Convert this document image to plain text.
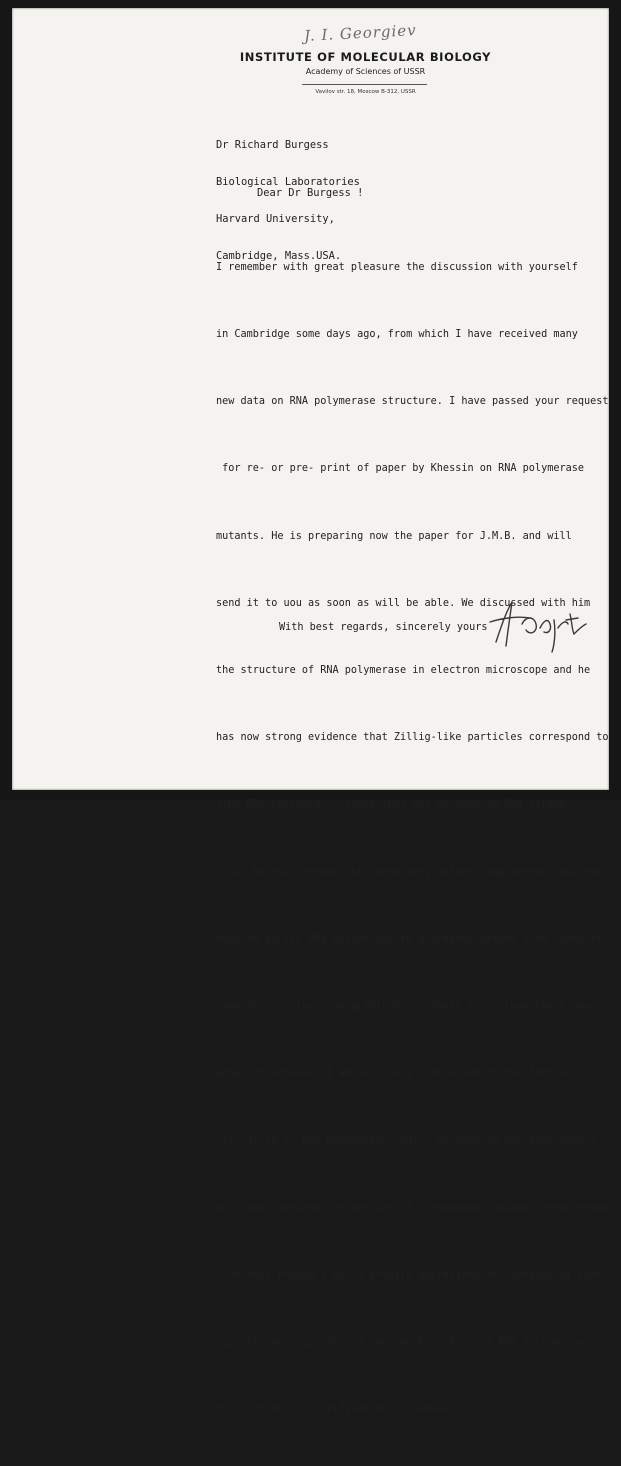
J. I. Georgiev
INSTITUTE OF MOLECULAR BIOLOGY
Academy of Sciences of USSR
Vavilov str. 18, Moscow B-312, USSR

Dr Richard Burgess

Biological Laboratories

Harvard University,

Cambridge, Mass.USA.

Dear Dr Burgess !

I remember with great pleasure the discussion with yourself

in Cambridge some days ago, from which I have received many

new data on RNA polymerase structure. I have passed your request

for re- or pre- print of paper by Khessin on RNA polymerase

mutants. He is preparing now the paper for J.M.B. and will

send it to uou as soon as will be able. We discussed with him

the structure of RNA polymerase in electron microscope and he

has now strong evidence that Zillig-like particles correspond to

true RNA polymerase, since they may be seen on DNA strand

also. In this respect it seems very interesting wether  you are

able to purify RNA polymerase to a greater extent than Chamberlin

and Berg - glycerine gradient procedure to exclude these hexa-

gonal structures. I am also very interested in the further pu-

rification of RNA polymerase, which is used in our experiments

on transcriptional properties of chromosomal deoxynucleoproteins.

For this reason I would greatly appreciate for sending of some

reprints or preprints of your work on E. coli RNA polymerase or

discription of  purification procedure.

With best regards, sincerely yours
